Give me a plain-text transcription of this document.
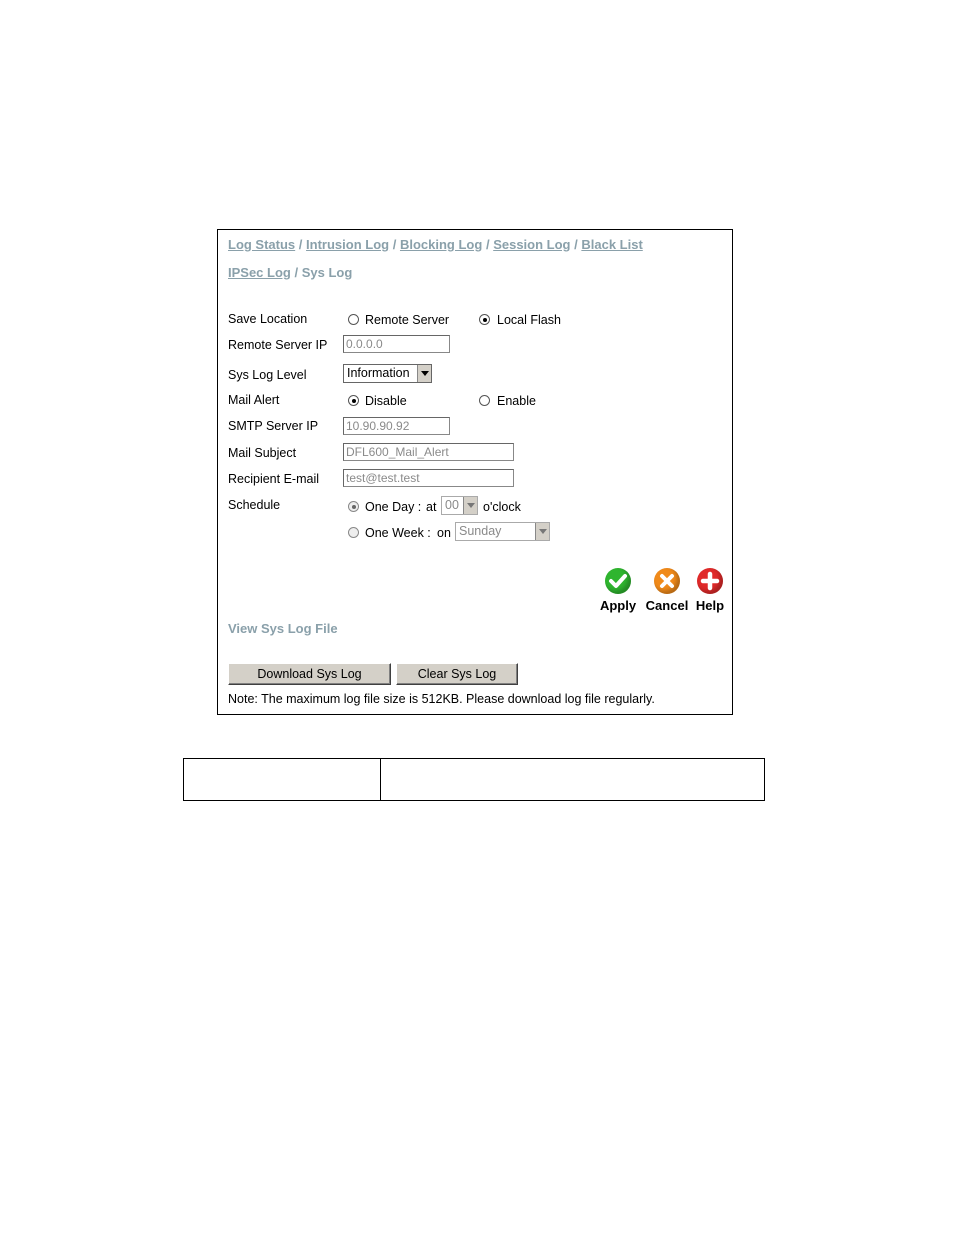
Log Status / Intrusion Log / Blocking Log / Session Log / Black List
IPSec Log / Sys Log
Save Location	Remote Server	Local Flash
Remote Server IP 0.0.0.0
Sys Log Level	Information
Mail Alert	Disable	Enable
SMTP Server IP 10.90.90.92
Mail Subject	DFL600_Mail_Alert
Recipient E-mail test@test.test
Schedule	One Day : at 00	o'clock
One Week : on Sunday
Apply Cancel Help
View Sys Log File
Download Sys Log	Clear Sys Log
Note: The maximum log file size is 512KB. Please download log file regularly.
